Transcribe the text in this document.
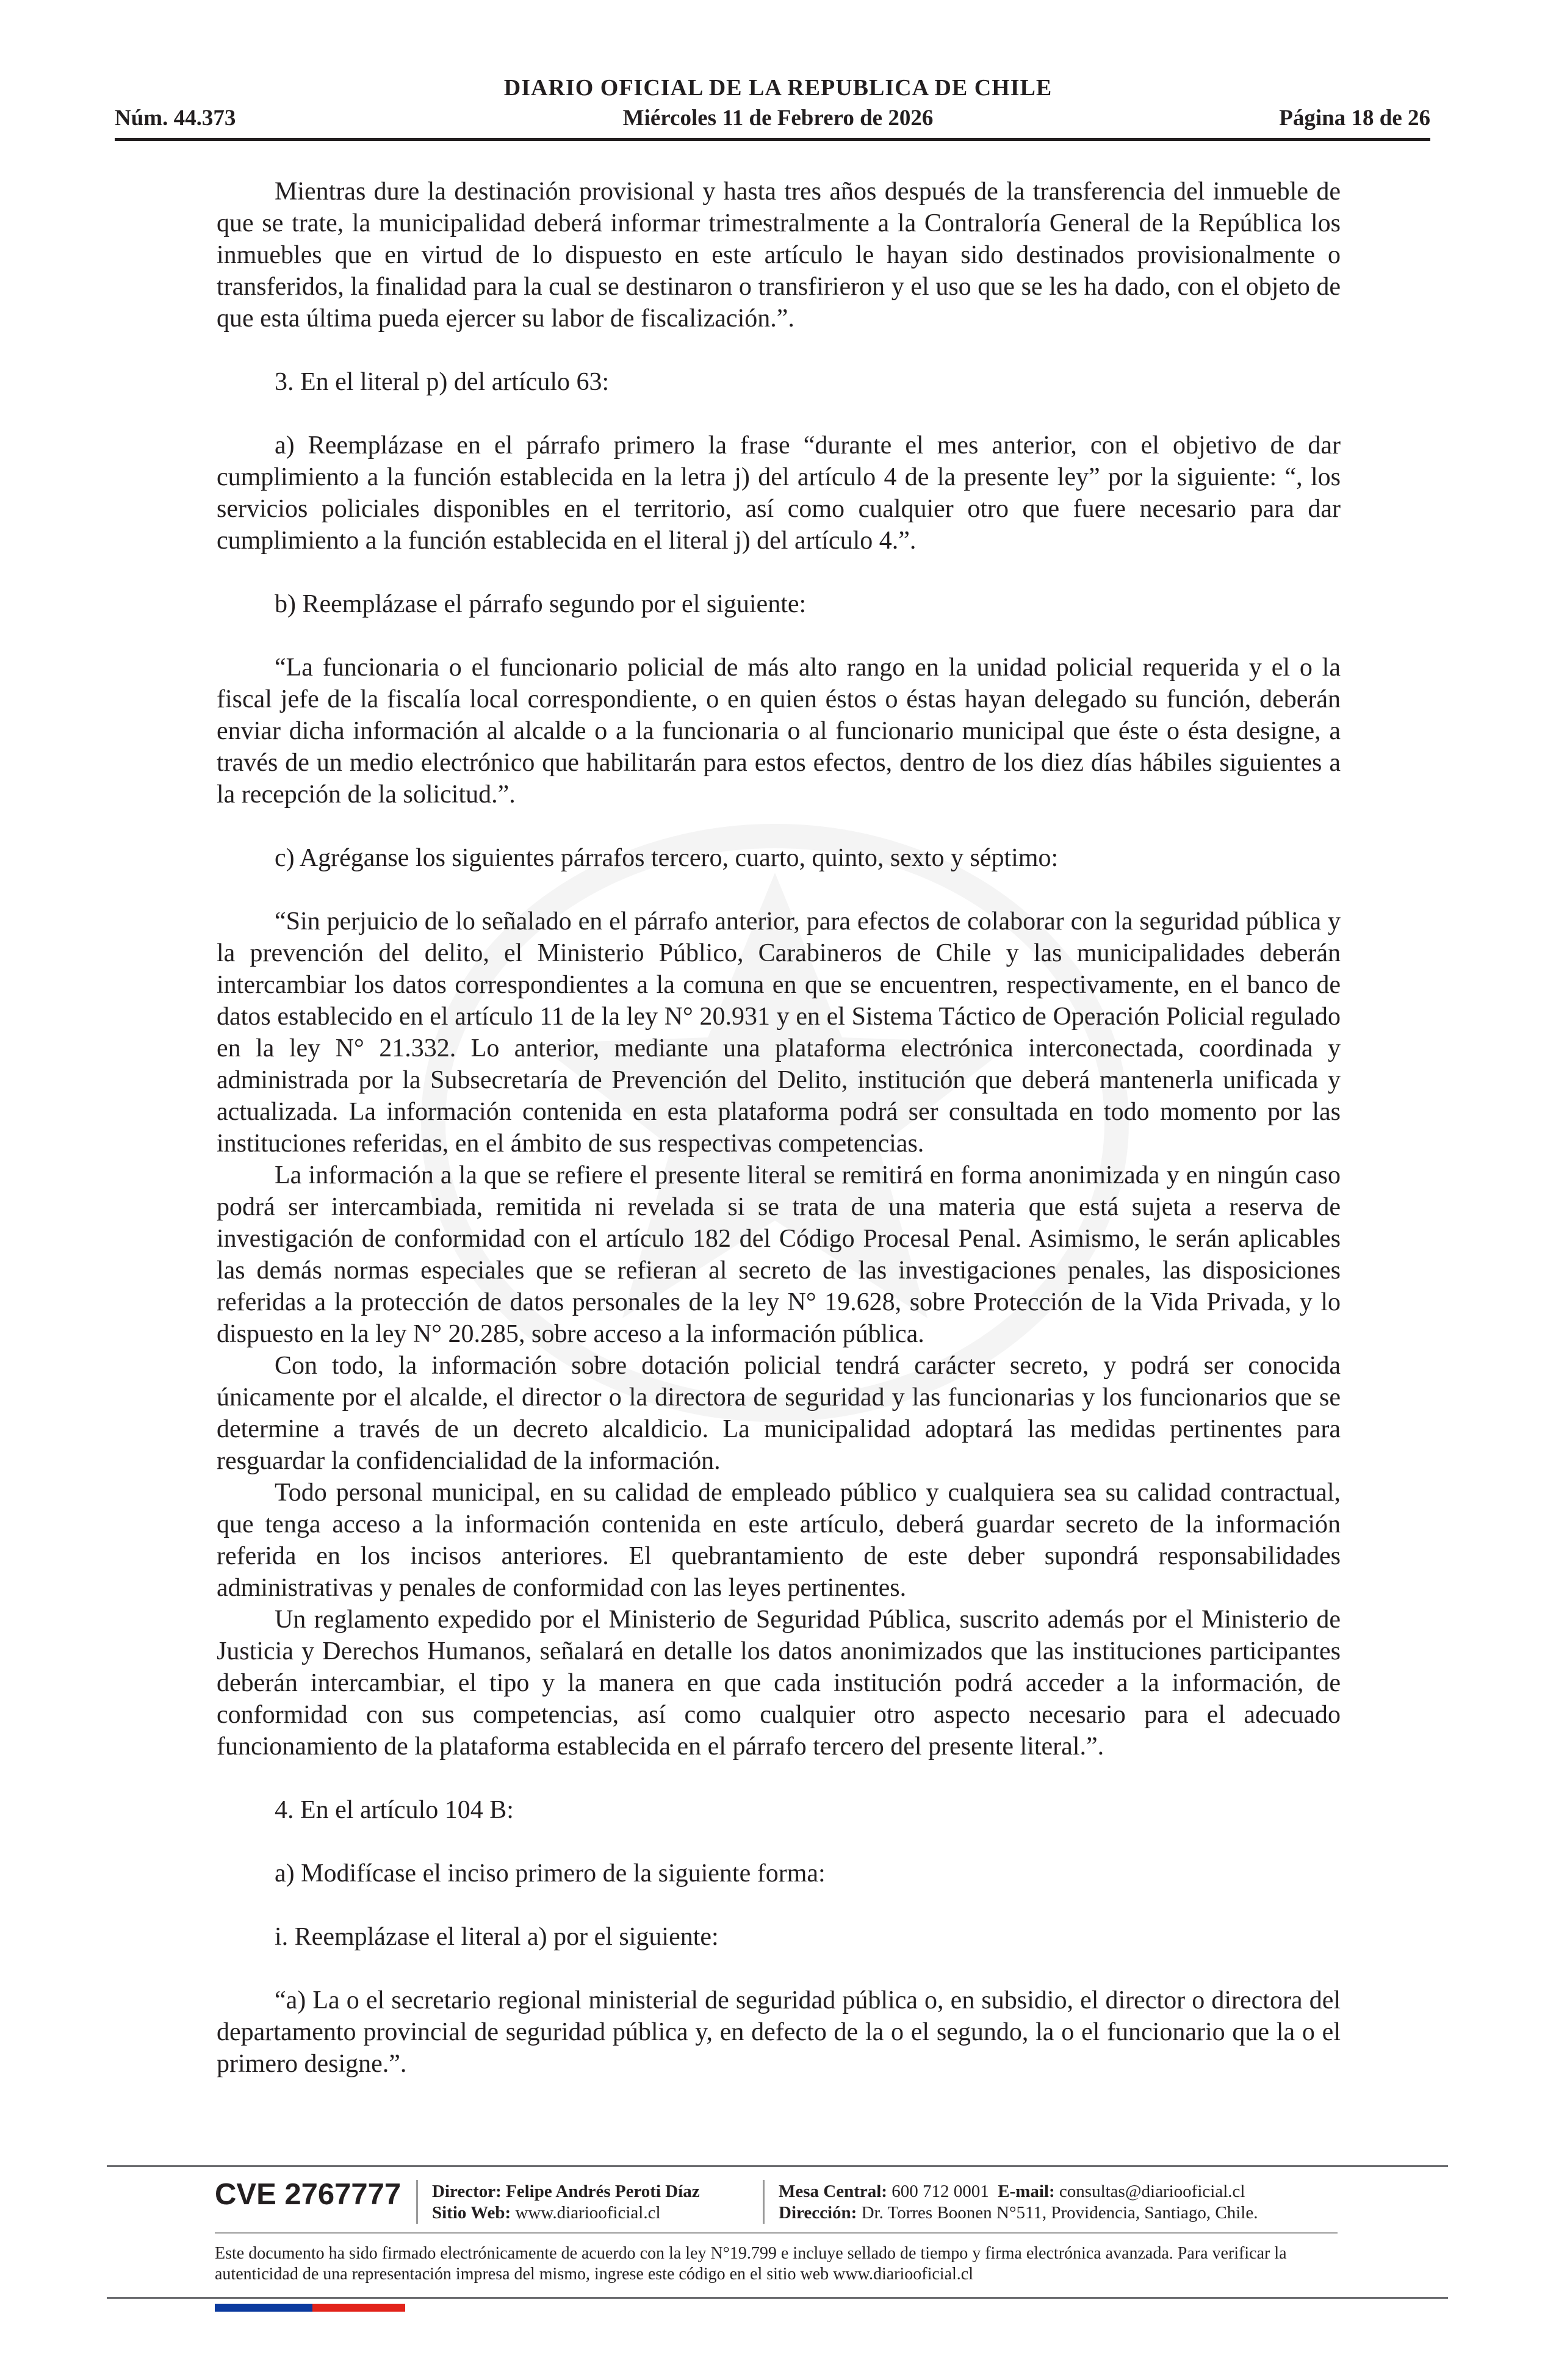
DIARIO OFICIAL DE LA REPUBLICA DE CHILE
Núm. 44.373	Miércoles 11 de Febrero de 2026	Página 18 de 26

Mientras dure la destinación provisional y hasta tres años después de la transferencia del inmueble de que se trate, la municipalidad deberá informar trimestralmente a la Contraloría General de la República los inmuebles que en virtud de lo dispuesto en este artículo le hayan sido destinados provisionalmente o transferidos, la finalidad para la cual se destinaron o transfirieron y el uso que se les ha dado, con el objeto de que esta última pueda ejercer su labor de fiscalización.”.

3. En el literal p) del artículo 63:

a) Reemplázase en el párrafo primero la frase “durante el mes anterior, con el objetivo de dar cumplimiento a la función establecida en la letra j) del artículo 4 de la presente ley” por la siguiente: “, los servicios policiales disponibles en el territorio, así como cualquier otro que fuere necesario para dar cumplimiento a la función establecida en el literal j) del artículo 4.”.

b) Reemplázase el párrafo segundo por el siguiente:

“La funcionaria o el funcionario policial de más alto rango en la unidad policial requerida y el o la fiscal jefe de la fiscalía local correspondiente, o en quien éstos o éstas hayan delegado su función, deberán enviar dicha información al alcalde o a la funcionaria o al funcionario municipal que éste o ésta designe, a través de un medio electrónico que habilitarán para estos efectos, dentro de los diez días hábiles siguientes a la recepción de la solicitud.”.

c) Agréganse los siguientes párrafos tercero, cuarto, quinto, sexto y séptimo:

“Sin perjuicio de lo señalado en el párrafo anterior, para efectos de colaborar con la seguridad pública y la prevención del delito, el Ministerio Público, Carabineros de Chile y las municipalidades deberán intercambiar los datos correspondientes a la comuna en que se encuentren, respectivamente, en el banco de datos establecido en el artículo 11 de la ley N° 20.931 y en el Sistema Táctico de Operación Policial regulado en la ley N° 21.332. Lo anterior, mediante una plataforma electrónica interconectada, coordinada y administrada por la Subsecretaría de Prevención del Delito, institución que deberá mantenerla unificada y actualizada. La información contenida en esta plataforma podrá ser consultada en todo momento por las instituciones referidas, en el ámbito de sus respectivas competencias.

La información a la que se refiere el presente literal se remitirá en forma anonimizada y en ningún caso podrá ser intercambiada, remitida ni revelada si se trata de una materia que está sujeta a reserva de investigación de conformidad con el artículo 182 del Código Procesal Penal. Asimismo, le serán aplicables las demás normas especiales que se refieran al secreto de las investigaciones penales, las disposiciones referidas a la protección de datos personales de la ley N° 19.628, sobre Protección de la Vida Privada, y lo dispuesto en la ley N° 20.285, sobre acceso a la información pública.

Con todo, la información sobre dotación policial tendrá carácter secreto, y podrá ser conocida únicamente por el alcalde, el director o la directora de seguridad y las funcionarias y los funcionarios que se determine a través de un decreto alcaldicio. La municipalidad adoptará las medidas pertinentes para resguardar la confidencialidad de la información.

Todo personal municipal, en su calidad de empleado público y cualquiera sea su calidad contractual, que tenga acceso a la información contenida en este artículo, deberá guardar secreto de la información referida en los incisos anteriores. El quebrantamiento de este deber supondrá responsabilidades administrativas y penales de conformidad con las leyes pertinentes.

Un reglamento expedido por el Ministerio de Seguridad Pública, suscrito además por el Ministerio de Justicia y Derechos Humanos, señalará en detalle los datos anonimizados que las instituciones participantes deberán intercambiar, el tipo y la manera en que cada institución podrá acceder a la información, de conformidad con sus competencias, así como cualquier otro aspecto necesario para el adecuado funcionamiento de la plataforma establecida en el párrafo tercero del presente literal.”.

4. En el artículo 104 B:

a) Modifícase el inciso primero de la siguiente forma:

i. Reemplázase el literal a) por el siguiente:

“a) La o el secretario regional ministerial de seguridad pública o, en subsidio, el director o directora del departamento provincial de seguridad pública y, en defecto de la o el segundo, la o el funcionario que la o el primero designe.”.

CVE 2767777 Director: Felipe Andrés Peroti Díaz
Sitio Web: www.diariooficial.cl
Mesa Central: 600 712 0001 E-mail: consultas@diariooficial.cl
Dirección: Dr. Torres Boonen N°511, Providencia, Santiago, Chile.
Este documento ha sido firmado electrónicamente de acuerdo con la ley N°19.799 e incluye sellado de tiempo y firma electrónica avanzada. Para verificar la autenticidad de una representación impresa del mismo, ingrese este código en el sitio web www.diariooficial.cl
